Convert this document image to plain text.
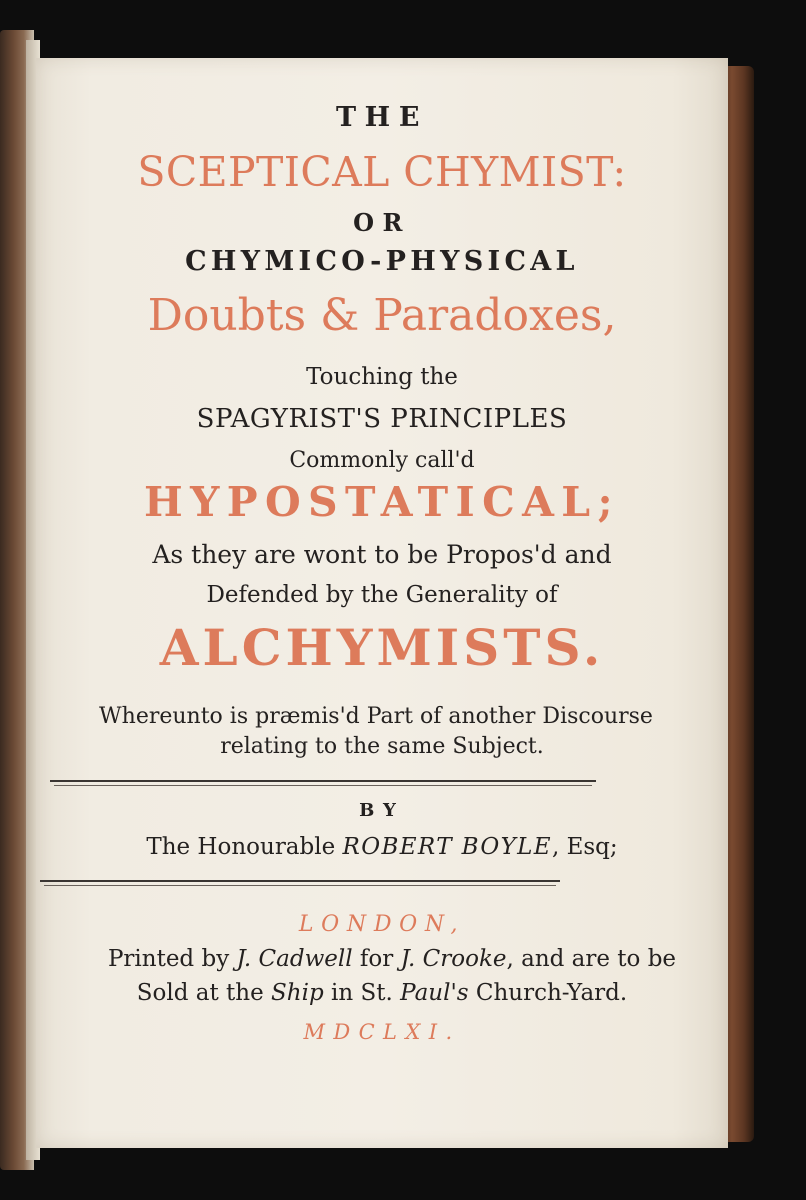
THE
SCEPTICAL CHYMIST:
OR
CHYMICO-PHYSICAL
Doubts & Paradoxes,
Touching the
SPAGYRIST'S PRINCIPLES
Commonly call'd
HYPOSTATICAL;
As they are wont to be Propos'd and
Defended by the Generality of
ALCHYMISTS.
Whereunto is præmis'd Part of another Discourse
relating to the same Subject.
BY
The Honourable ROBERT BOYLE, Esq;
LONDON,
Printed by J. Cadwell for J. Crooke, and are to be
Sold at the Ship in St. Paul's Church-Yard.
MDCLXI.
